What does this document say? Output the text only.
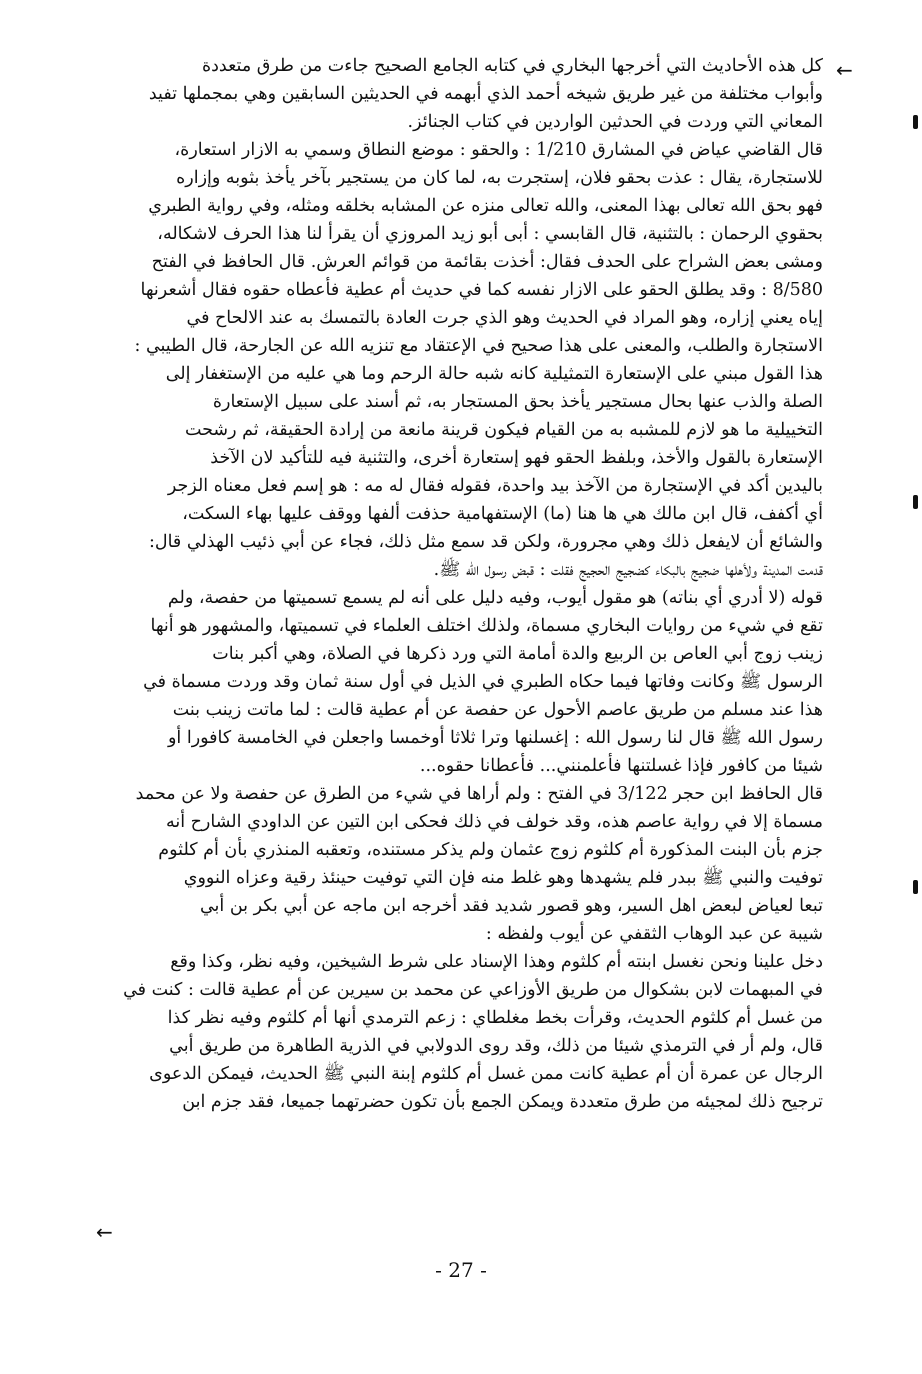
←
كل هذه الأحاديث التي أخرجها البخاري في كتابه الجامع الصحيح جاءت من طرق متعددة
وأبواب مختلفة من غير طريق شيخه أحمد الذي أبهمه في الحديثين السابقين وهي بمجملها تفيد
المعاني التي وردت في الحدثين الواردين في كتاب الجنائز.
قال القاضي عياض في المشارق 1/210 : والحقو : موضع النطاق وسمي به الازار استعارة،
للاستجارة، يقال : عذت بحقو فلان، إستجرت به، لما كان من يستجير بآخر يأخذ بثوبه وإزاره
فهو بحق الله تعالى بهذا المعنى، والله تعالى منزه عن المشابه بخلقه ومثله، وفي رواية الطبري
بحقوي الرحمان : بالتثنية، قال القابسي : أبى أبو زيد المروزي أن يقرأ لنا هذا الحرف لاشكاله،
ومشى بعض الشراح على الحدف فقال: أخذت بقائمة من قوائم العرش. قال الحافظ في الفتح
8/580 : وقد يطلق الحقو على الازار نفسه كما في حديث أم عطية فأعطاه حقوه فقال أشعرنها
إياه يعني إزاره، وهو المراد في الحديث وهو الذي جرت العادة بالتمسك به عند الالحاح في
الاستجارة والطلب، والمعنى على هذا صحيح في الإعتقاد مع تنزيه الله عن الجارحة، قال الطيبي :
هذا القول مبني على الإستعارة التمثيلية كانه شبه حالة الرحم وما هي عليه من الإستغفار إلى
الصلة والذب عنها بحال مستجير يأخذ بحق المستجار به، ثم أسند على سبيل الإستعارة
التخييلية ما هو لازم للمشبه به من القيام فيكون قرينة مانعة من إرادة الحقيقة، ثم رشحت
الإستعارة بالقول والأخذ، وبلفظ الحقو فهو إستعارة أخرى، والتثنية فيه للتأكيد لان الآخذ
باليدين أكد في الإستجارة من الآخذ بيد واحدة، فقوله فقال له مه : هو إسم فعل معناه الزجر
أي أكفف، قال ابن مالك هي ها هنا (ما) الإستفهامية حذفت ألفها ووقف عليها بهاء السكت،
والشائع أن لايفعل ذلك وهي مجرورة، ولكن قد سمع مثل ذلك، فجاء عن أبي ذئيب الهذلي قال:
قدمت المدينة ولأهلها ضجيج بالبكاء كضجيج الحجيج فقلت : قبض رسول الله ﷺ.
قوله (لا أدري أي بناته) هو مقول أيوب، وفيه دليل على أنه لم يسمع تسميتها من حفصة، ولم
تقع في شيء من روايات البخاري مسماة، ولذلك اختلف العلماء في تسميتها، والمشهور هو أنها
زينب زوج أبي العاص بن الربيع والدة أمامة التي ورد ذكرها في الصلاة، وهي أكبر بنات
الرسول ﷺ وكانت وفاتها فيما حكاه الطبري في الذيل في أول سنة ثمان وقد وردت مسماة في
هذا عند مسلم من طريق عاصم الأحول عن حفصة عن أم عطية قالت : لما ماتت زينب بنت
رسول الله ﷺ قال لنا رسول الله : إغسلنها وترا ثلاثا أوخمسا واجعلن في الخامسة كافورا أو
شيئا من كافور فإذا غسلتنها فأعلمنني... فأعطانا حقوه...
قال الحافظ ابن حجر 3/122 في الفتح : ولم أراها في شيء من الطرق عن حفصة ولا عن محمد
مسماة إلا في رواية عاصم هذه، وقد خولف في ذلك فحكى ابن التين عن الداودي الشارح أنه
جزم بأن البنت المذكورة أم كلثوم زوج عثمان ولم يذكر مستنده، وتعقبه المنذري بأن أم كلثوم
توفيت والنبي ﷺ ببدر فلم يشهدها وهو غلط منه فإن التي توفيت حينئذ رقية وعزاه النووي
تبعا لعياض لبعض اهل السير، وهو قصور شديد فقد أخرجه ابن ماجه عن أبي بكر بن أبي
شيبة عن عبد الوهاب الثقفي عن أيوب ولفظه :
دخل علينا ونحن نغسل ابنته أم كلثوم وهذا الإسناد على شرط الشيخين، وفيه نظر، وكذا وقع
في المبهمات لابن بشكوال من طريق الأوزاعي عن محمد بن سيرين عن أم عطية قالت : كنت في
من غسل أم كلثوم الحديث، وقرأت بخط مغلطاي : زعم الترمدي أنها أم كلثوم وفيه نظر كذا
قال، ولم أر في الترمذي شيئا من ذلك، وقد روى الدولابي في الذرية الطاهرة من طريق أبي
الرجال عن عمرة أن أم عطية كانت ممن غسل أم كلثوم إبنة النبي ﷺ الحديث، فيمكن الدعوى
ترجيح ذلك لمجيئه من طرق متعددة ويمكن الجمع بأن تكون حضرتهما جميعا، فقد جزم ابن
←
- 27 -
